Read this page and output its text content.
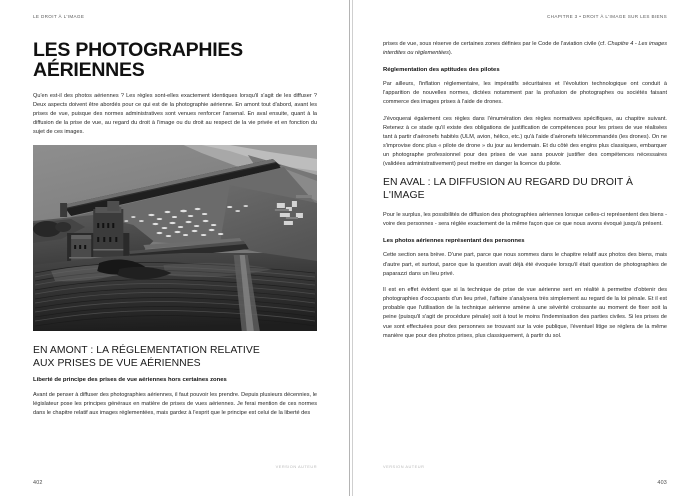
LE DROIT À L'IMAGE
LES PHOTOGRAPHIES AÉRIENNES

Qu'en est-il des photos aériennes ? Les règles sont-elles exactement identiques lorsqu'il s'agit de les diffuser ? Deux aspects doivent être abordés pour ce qui est de la photographie aérienne. En amont tout d'abord, avant les prises de vue, puisque des normes administratives sont venues renforcer l'arsenal. En aval ensuite, quant à la diffusion de la prise de vue, au regard du droit à l'image ou du droit au respect de la vie privée et en fonction du sujet de ces images.

EN AMONT : LA RÉGLEMENTATION RELATIVE
AUX PRISES DE VUE AÉRIENNES
Liberté de principe des prises de vue aériennes hors certaines zones

Avant de penser à diffuser des photographies aériennes, il faut pouvoir les prendre. Depuis plusieurs décennies, le législateur pose les principes généraux en matière de prises de vues aériennes. Je ferai mention de ces normes dans le chapitre relatif aux images réglementées, mais gardez à l'esprit que le principe est celui de la liberté des

VERSION AUTEUR
402
CHAPITRE 3 • DROIT À L'IMAGE SUR LES BIENS

prises de vue, sous réserve de certaines zones définies par le Code de l'aviation civile (cf. Chapitre 4 - Les images interdites ou réglementées).

Réglementation des aptitudes des pilotes

Par ailleurs, l'inflation réglementaire, les impératifs sécuritaires et l'évolution technologique ont conduit à l'apparition de nouvelles normes, dictées notamment par la profusion de photographes ou sociétés faisant commerce des images prises à l'aide de drones.

J'évoquerai également ces règles dans l'énumération des règles normatives spécifiques, au chapitre suivant. Retenez à ce stade qu'il existe des obligations de justification de compétences pour les prises de vue réalisées tant à partir d'aéronefs habités (ULM, avion, hélico, etc.) qu'à l'aide d'aéronefs télécommandés (les drones). On ne s'improvise donc plus « pilote de drone » du jour au lendemain. Et du côté des engins plus classiques, embarquer un photographe professionnel pour des prises de vue sans pouvoir justifier des compétences nécessaires (validées administrativement) peut mettre en danger la licence du pilote.

EN AVAL : LA DIFFUSION AU REGARD DU DROIT À L'IMAGE

Pour le surplus, les possibilités de diffusion des photographies aériennes lorsque celles-ci représentent des biens - voire des personnes - sera réglée exactement de la même façon que ce que nous avons évoqué jusqu'à présent.

Les photos aériennes représentant des personnes

Cette section sera brève. D'une part, parce que nous sommes dans le chapitre relatif aux photos des biens, mais d'autre part, et surtout, parce que la question avait déjà été évoquée lorsqu'il était question de photographies de paparazzi dans un lieu privé.

Il est en effet évident que si la technique de prise de vue aérienne sert en réalité à permettre d'obtenir des photographies d'occupants d'un lieu privé, l'affaire s'analysera très simplement au regard de la loi pénale. Et il est probable que l'utilisation de la technique aérienne amène à une sévérité croissante au moment de fixer soit la peine (puisqu'il s'agit de procédure pénale) soit à tout le moins l'indemnisation des parties civiles. Si les prises de vue sont effectuées pour des personnes se trouvant sur la voie publique, l'éventuel litige se réglera de la même manière que pour des photos prises, plus classiquement, à partir du sol.

VERSION AUTEUR
403
